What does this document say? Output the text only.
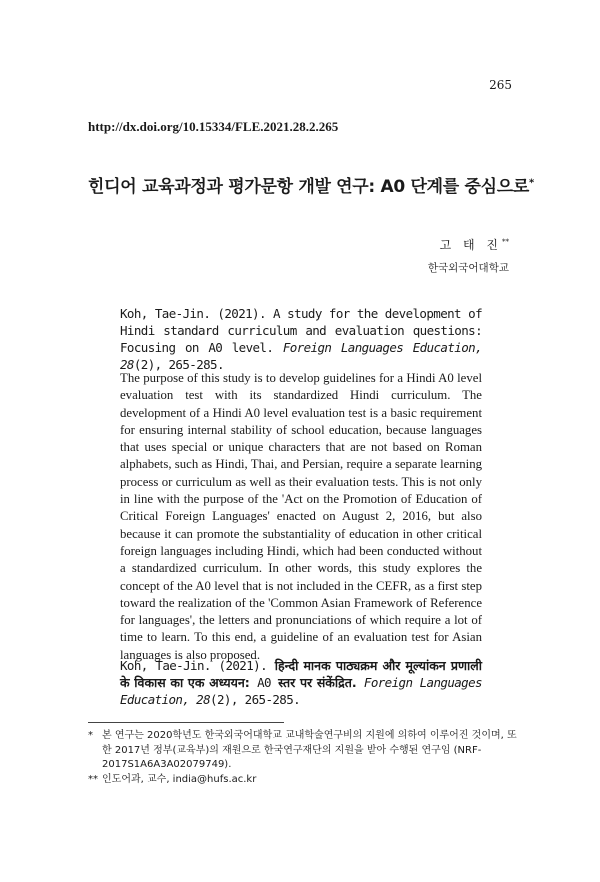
265
http://dx.doi.org/10.15334/FLE.2021.28.2.265
힌디어 교육과정과 평가문항 개발 연구: A0 단계를 중심으로*
고 태 진**
한국외국어대학교
Koh, Tae-Jin. (2021). A study for the development of Hindi standard curriculum and evaluation questions: Focusing on A0 level. Foreign Languages Education, 28(2), 265-285.
The purpose of this study is to develop guidelines for a Hindi A0 level evaluation test with its standardized Hindi curriculum. The development of a Hindi A0 level evaluation test is a basic requirement for ensuring internal stability of school education, because languages that uses special or unique characters that are not based on Roman alphabets, such as Hindi, Thai, and Persian, require a separate learning process or curriculum as well as their evaluation tests. This is not only in line with the purpose of the 'Act on the Promotion of Education of Critical Foreign Languages' enacted on August 2, 2016, but also because it can promote the substantiality of education in other critical foreign languages including Hindi, which had been conducted without a standardized curriculum. In other words, this study explores the concept of the A0 level that is not included in the CEFR, as a first step toward the realization of the 'Common Asian Framework of Reference for languages', the letters and pronunciations of which require a lot of time to learn. To this end, a guideline of an evaluation test for Asian languages is also proposed.
Koh, Tae-Jin. (2021). हिन्दी मानक पाठ्यक्रम और मूल्यांकन प्रणाली के विकास का एक अध्ययन: A0 स्तर पर संकेंद्रित. Foreign Languages Education, 28(2), 265-285.
* 본 연구는 2020학년도 한국외국어대학교 교내학술연구비의 지원에 의하여 이루어진 것이며, 또한 2017년 정부(교육부)의 재원으로 한국연구재단의 지원을 받아 수행된 연구임 (NRF-2017S1A6A3A02079749).
** 인도어과, 교수, india@hufs.ac.kr
